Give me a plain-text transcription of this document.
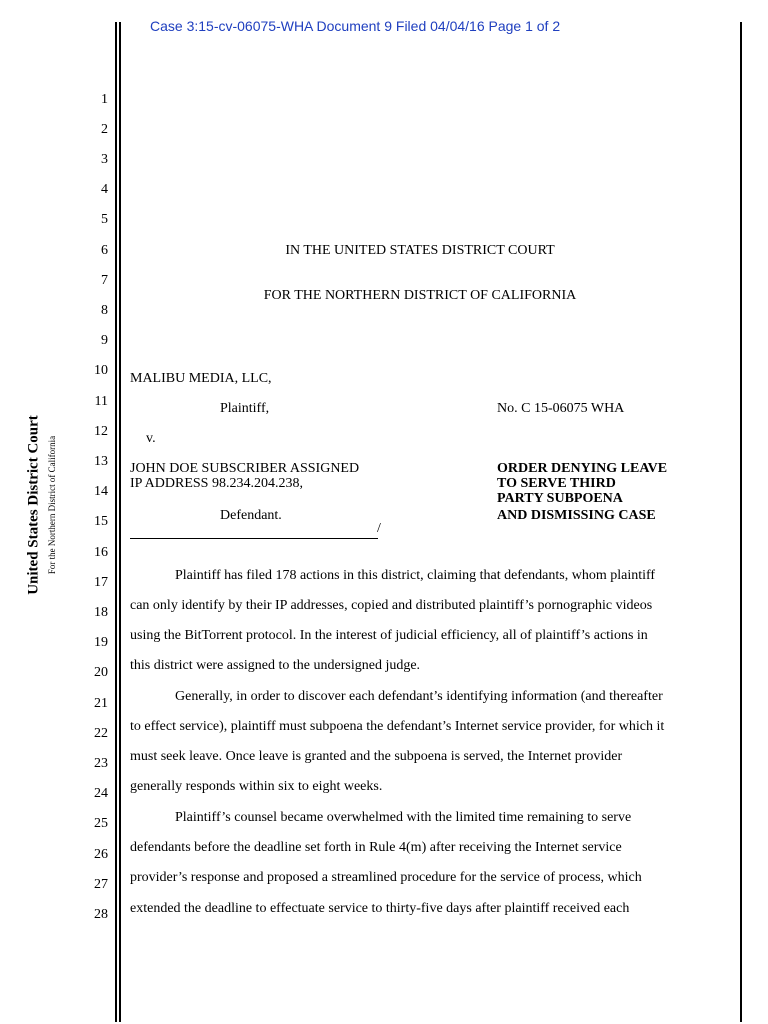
Case 3:15-cv-06075-WHA Document 9 Filed 04/04/16 Page 1 of 2
United States District Court For the Northern District of California
1
2
3
4
5
6
7
8
9
10
11
12
13
14
15
16
17
18
19
20
21
22
23
24
25
26
27
28
IN THE UNITED STATES DISTRICT COURT
FOR THE NORTHERN DISTRICT OF CALIFORNIA
MALIBU MEDIA, LLC,
Plaintiff,	No. C 15-06075 WHA
v.
JOHN DOE SUBSCRIBER ASSIGNED
IP ADDRESS 98.234.204.238,
Defendant.
/
ORDER DENYING LEAVE
TO SERVE THIRD
PARTY SUBPOENA
AND DISMISSING CASE
Plaintiff has filed 178 actions in this district, claiming that defendants, whom plaintiff
can only identify by their IP addresses, copied and distributed plaintiff’s pornographic videos
using the BitTorrent protocol. In the interest of judicial efficiency, all of plaintiff’s actions in
this district were assigned to the undersigned judge.
Generally, in order to discover each defendant’s identifying information (and thereafter
to effect service), plaintiff must subpoena the defendant’s Internet service provider, for which it
must seek leave. Once leave is granted and the subpoena is served, the Internet provider
generally responds within six to eight weeks.
Plaintiff’s counsel became overwhelmed with the limited time remaining to serve
defendants before the deadline set forth in Rule 4(m) after receiving the Internet service
provider’s response and proposed a streamlined procedure for the service of process, which
extended the deadline to effectuate service to thirty-five days after plaintiff received each
